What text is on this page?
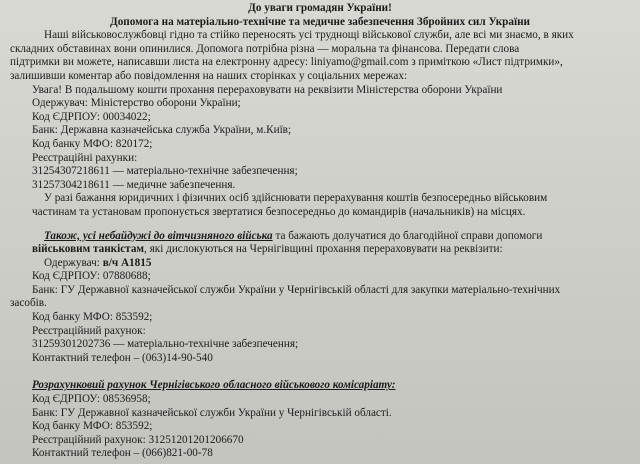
До уваги громадян України!

Допомога на матеріально-технічне та медичне забезпечення Збройних сил України

Наші військовослужбовці гідно та стійко переносять усі труднощі військової служби, але всі ми знаємо, в яких

складних обставинах вони опинилися. Допомога потрібна різна — моральна та фінансова. Передати слова

підтримки ви можете, написавши листа на електронну адресу: liniyamo@gmail.com з приміткою «Лист підтримки»,

залишивши коментар або повідомлення на наших сторінках у соціальних мережах:

Увага! В подальшому кошти прохання перераховувати на реквізити Міністерства оборони України

Одержувач: Міністерство оборони України;

Код ЄДРПОУ: 00034022;

Банк: Державна казначейська служба України, м.Київ;

Код банку МФО: 820172;

Реєстраційні рахунки:

31254307218611 — матеріально-технічне забезпечення;

31257304218611 — медичне забезпечення.

У разі бажання юридичних і фізичних осіб здійснювати перерахування коштів безпосередньо військовим

частинам та установам пропонується звертатися безпосередньо до командирів (начальників) на місцях.

Також, усі небайдужі до вітчизняного війська та бажають долучатися до благодійної справи допомоги

військовим танкістам, які дислокуються на Чернігівщині прохання перераховувати на реквізити:

Одержувач: в/ч А1815

Код ЄДРПОУ: 07880688;

Банк: ГУ Державної казначейської служби України у Чернігівській області для закупки матеріально-технічних

засобів.

Код банку МФО: 853592;

Реєстраційний рахунок:

31259301202736 — матеріально-технічне забезпечення;

Контактний телефон – (063)14-90-540

Розрахунковий рахунок Чернігівського обласного військового комісаріату:

Код ЄДРПОУ: 08536958;

Банк: ГУ Державної казначейської служби України у Чернігівській області.

Код банку МФО: 853592;

Реєстраційний рахунок: 31251201201206670

Контактний телефон – (066)821-00-78
